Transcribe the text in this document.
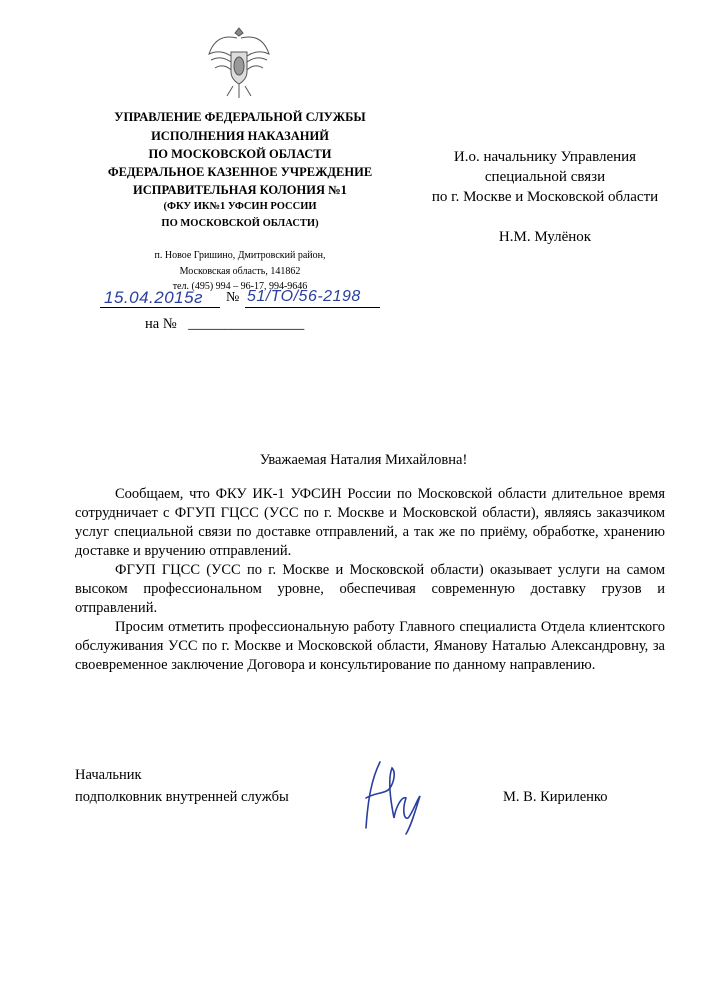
УПРАВЛЕНИЕ ФЕДЕРАЛЬНОЙ СЛУЖБЫ
ИСПОЛНЕНИЯ НАКАЗАНИЙ
ПО МОСКОВСКОЙ ОБЛАСТИ
ФЕДЕРАЛЬНОЕ КАЗЕННОЕ УЧРЕЖДЕНИЕ
ИСПРАВИТЕЛЬНАЯ КОЛОНИЯ №1
(ФКУ ИК№1 УФСИН РОССИИ
ПО МОСКОВСКОЙ ОБЛАСТИ)
п. Новое Гришино, Дмитровский район,
Московская область, 141862
тел. (495) 994 – 96-17, 994-9646
15.04.2015г № 51/ТО/56-2198
на № ________________
И.о. начальнику Управления
специальной связи
по г. Москве и Московской области
Н.М. Мулёнок
Уважаемая Наталия Михайловна!

Сообщаем, что ФКУ ИК-1 УФСИН России по Московской области длительное время сотрудничает с ФГУП ГЦСС (УСС по г. Москве и Московской области), являясь заказчиком услуг специальной связи по доставке отправлений, а так же по приёму, обработке, хранению доставке и вручению отправлений.

ФГУП ГЦСС (УСС по г. Москве и Московской области) оказывает услуги на самом высоком профессиональном уровне, обеспечивая современную доставку грузов и отправлений.

Просим отметить профессиональную работу Главного специалиста Отдела клиентского обслуживания УСС по г. Москве и Московской области, Яманову Наталью Александровну, за своевременное заключение Договора и консультирование по данному направлению.

Начальник
подполковник внутренней службы	М. В. Кириленко
